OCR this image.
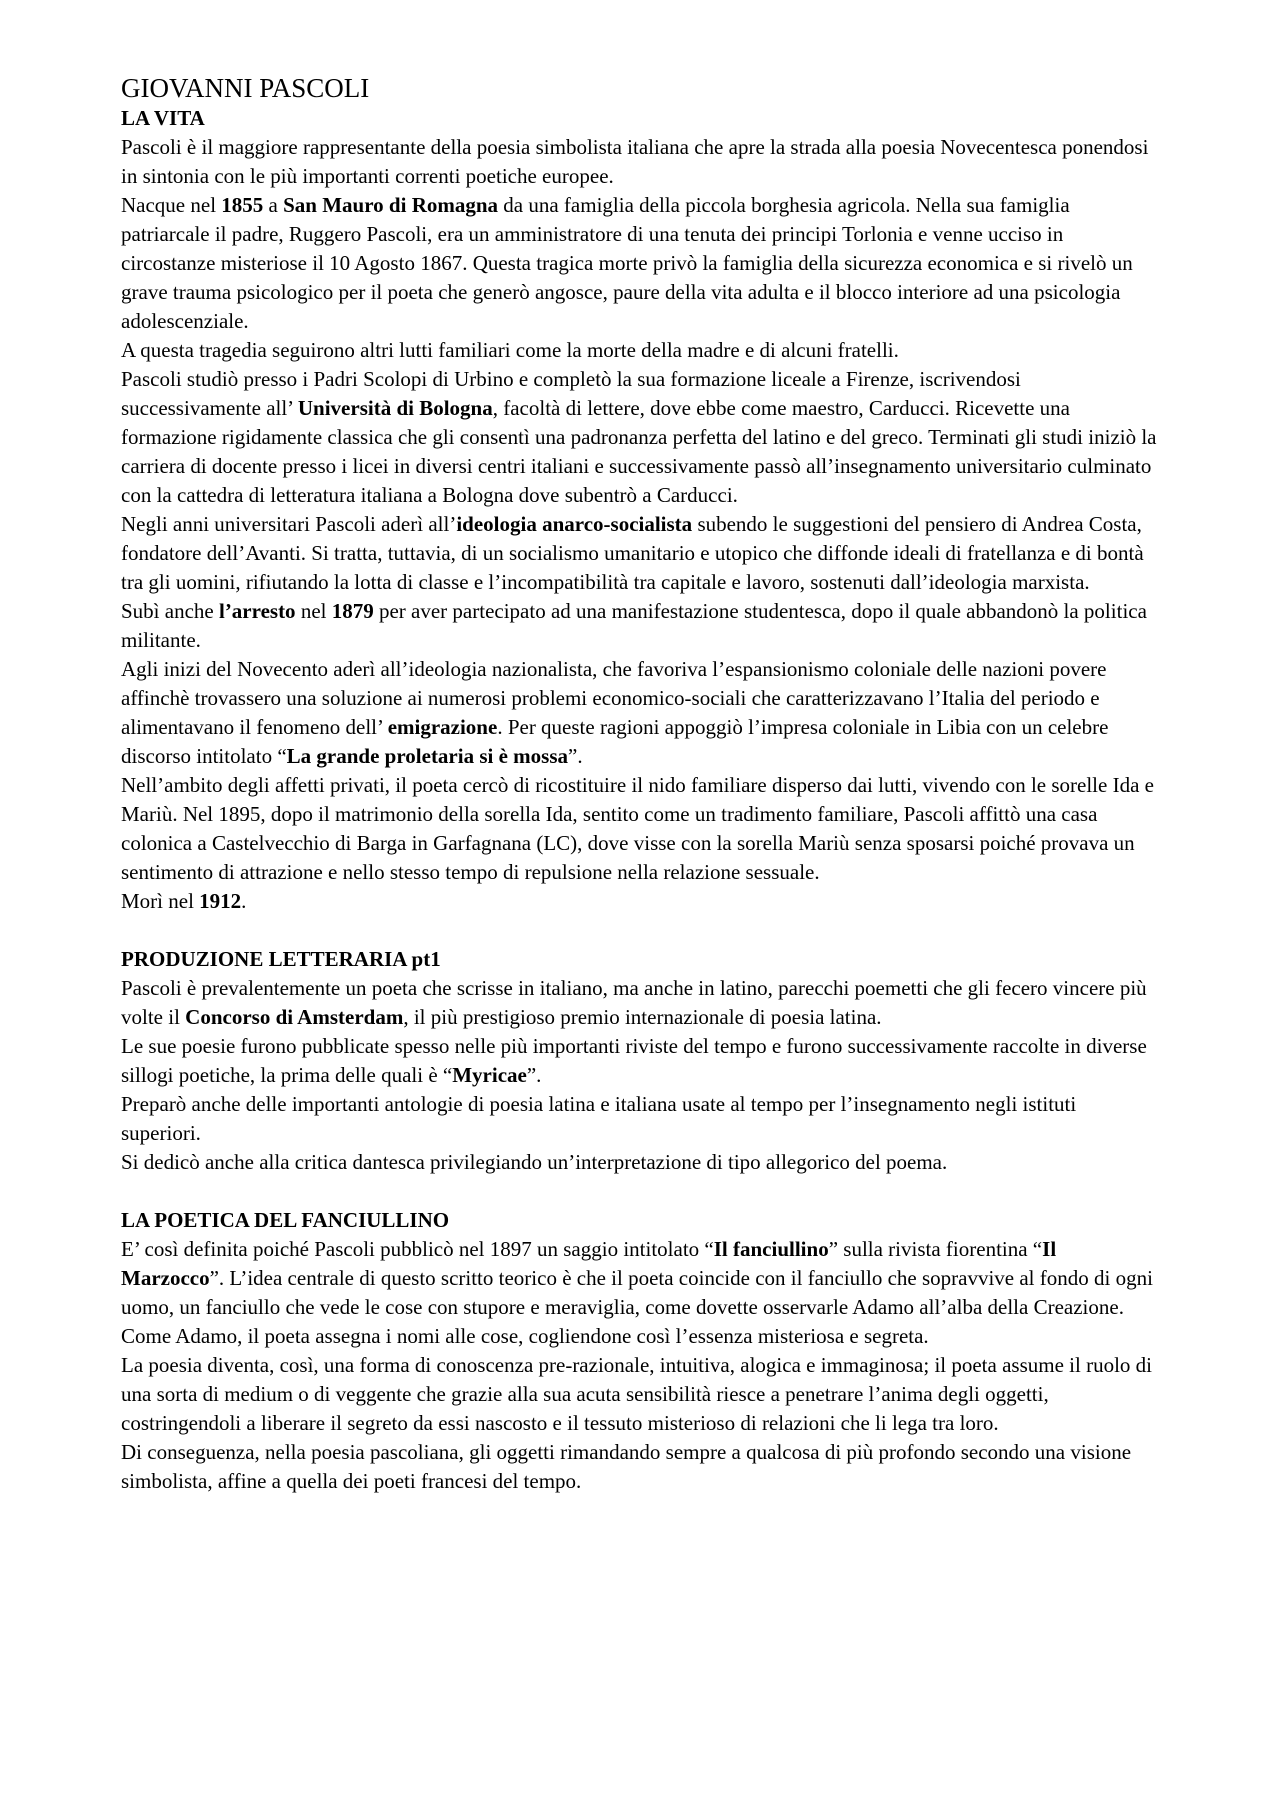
GIOVANNI PASCOLI
LA VITA

Pascoli è il maggiore rappresentante della poesia simbolista italiana che apre la strada alla poesia Novecentesca ponendosi in sintonia con le più importanti correnti poetiche europee.

Nacque nel 1855 a San Mauro di Romagna da una famiglia della piccola borghesia agricola. Nella sua famiglia patriarcale il padre, Ruggero Pascoli, era un amministratore di una tenuta dei principi Torlonia e venne ucciso in circostanze misteriose il 10 Agosto 1867. Questa tragica morte privò la famiglia della sicurezza economica e si rivelò un grave trauma psicologico per il poeta che generò angosce, paure della vita adulta e il blocco interiore ad una psicologia adolescenziale.

A questa tragedia seguirono altri lutti familiari come la morte della madre e di alcuni fratelli.

Pascoli studiò presso i Padri Scolopi di Urbino e completò la sua formazione liceale a Firenze, iscrivendosi successivamente all’ Università di Bologna, facoltà di lettere, dove ebbe come maestro, Carducci. Ricevette una formazione rigidamente classica che gli consentì una padronanza perfetta del latino e del greco. Terminati gli studi iniziò la carriera di docente presso i licei in diversi centri italiani e successivamente passò all’insegnamento universitario culminato con la cattedra di letteratura italiana a Bologna dove subentrò a Carducci.

Negli anni universitari Pascoli aderì all’ideologia anarco-socialista subendo le suggestioni del pensiero di Andrea Costa, fondatore dell’Avanti. Si tratta, tuttavia, di un socialismo umanitario e utopico che diffonde ideali di fratellanza e di bontà tra gli uomini, rifiutando la lotta di classe e l’incompatibilità tra capitale e lavoro, sostenuti dall’ideologia marxista.

Subì anche l’arresto nel 1879 per aver partecipato ad una manifestazione studentesca, dopo il quale abbandonò la politica militante.

Agli inizi del Novecento aderì all’ideologia nazionalista, che favoriva l’espansionismo coloniale delle nazioni povere affinchè trovassero una soluzione ai numerosi problemi economico-sociali che caratterizzavano l’Italia del periodo e alimentavano il fenomeno dell’ emigrazione. Per queste ragioni appoggiò l’impresa coloniale in Libia con un celebre discorso intitolato “La grande proletaria si è mossa”.

Nell’ambito degli affetti privati, il poeta cercò di ricostituire il nido familiare disperso dai lutti, vivendo con le sorelle Ida e Mariù. Nel 1895, dopo il matrimonio della sorella Ida, sentito come un tradimento familiare, Pascoli affittò una casa colonica a Castelvecchio di Barga in Garfagnana (LC), dove visse con la sorella Mariù senza sposarsi poiché provava un sentimento di attrazione e nello stesso tempo di repulsione nella relazione sessuale.

Morì nel 1912.

PRODUZIONE LETTERARIA pt1

Pascoli è prevalentemente un poeta che scrisse in italiano, ma anche in latino, parecchi poemetti che gli fecero vincere più volte il Concorso di Amsterdam, il più prestigioso premio internazionale di poesia latina.

Le sue poesie furono pubblicate spesso nelle più importanti riviste del tempo e furono successivamente raccolte in diverse sillogi poetiche, la prima delle quali è “Myricae”.

Preparò anche delle importanti antologie di poesia latina e italiana usate al tempo per l’insegnamento negli istituti superiori.

Si dedicò anche alla critica dantesca privilegiando un’interpretazione di tipo allegorico del poema.

LA POETICA DEL FANCIULLINO

E’ così definita poiché Pascoli pubblicò nel 1897 un saggio intitolato “Il fanciullino” sulla rivista fiorentina “Il Marzocco”. L’idea centrale di questo scritto teorico è che il poeta coincide con il fanciullo che sopravvive al fondo di ogni uomo, un fanciullo che vede le cose con stupore e meraviglia, come dovette osservarle Adamo all’alba della Creazione. Come Adamo, il poeta assegna i nomi alle cose, cogliendone così l’essenza misteriosa e segreta.

La poesia diventa, così, una forma di conoscenza pre-razionale, intuitiva, alogica e immaginosa; il poeta assume il ruolo di una sorta di medium o di veggente che grazie alla sua acuta sensibilità riesce a penetrare l’anima degli oggetti, costringendoli a liberare il segreto da essi nascosto e il tessuto misterioso di relazioni che li lega tra loro.

Di conseguenza, nella poesia pascoliana, gli oggetti rimandando sempre a qualcosa di più profondo secondo una visione simbolista, affine a quella dei poeti francesi del tempo.
